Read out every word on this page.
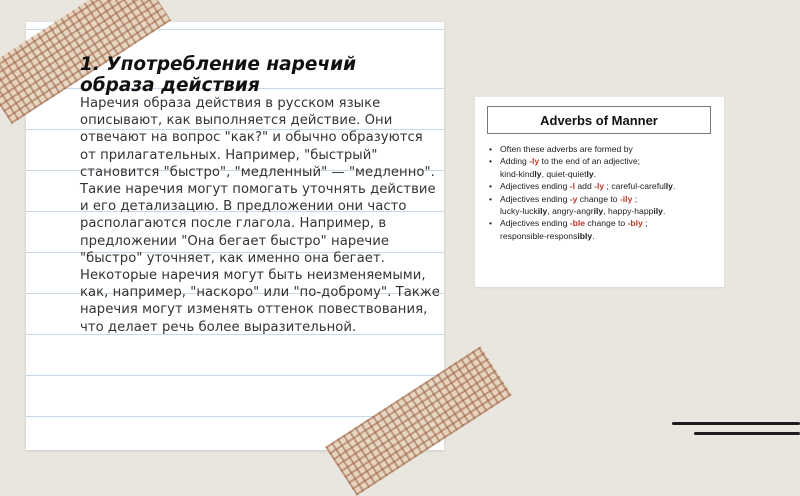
1. Употребление наречий образа действия

Наречия образа действия в русском языке описывают, как выполняется действие. Они отвечают на вопрос "как?" и обычно образуются от прилагательных. Например, "быстрый" становится "быстро", "медленный" — "медленно". Такие наречия могут помогать уточнять действие и его детализацию. В предложении они часто располагаются после глагола. Например, в предложении "Она бегает быстро" наречие "быстро" уточняет, как именно она бегает. Некоторые наречия могут быть неизменяемыми, как, например, "наскоро" или "по-доброму". Также наречия могут изменять оттенок повествования, что делает речь более выразительной.

Adverbs of Manner
• Often these adverbs are formed by
• Adding -ly to the end of an adjective;
kind-kindly, quiet-quietly.
• Adjectives ending -l add -ly ; careful-carefully.
• Adjectives ending -y change to -ily ;
lucky-luckily, angry-angrily, happy-happily.
• Adjectives ending -ble change to -bly ;
responsible-responsibly.
